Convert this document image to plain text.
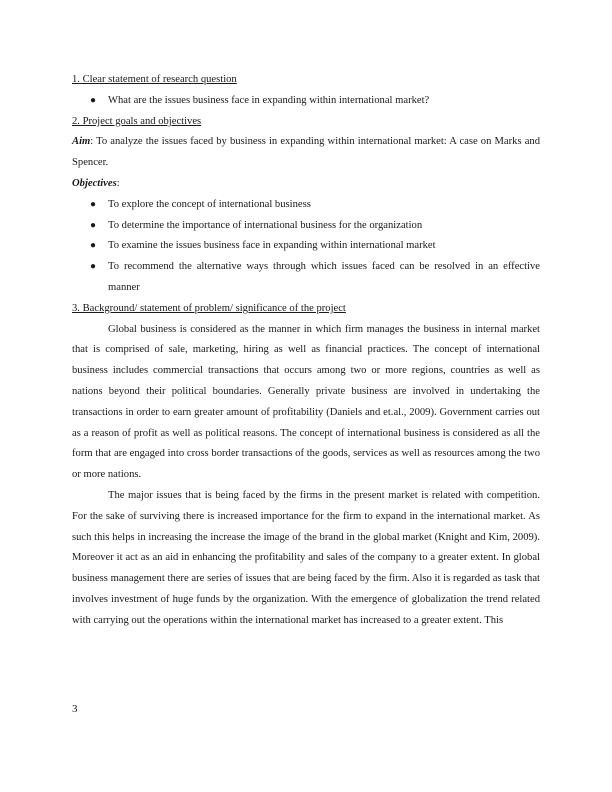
1. Clear statement of research question

● What are the issues business face in expanding within international market?

2. Project goals and objectives

Aim: To analyze the issues faced by business in expanding within international market: A case on Marks and Spencer.

Objectives:

● To explore the concept of international business
● To determine the importance of international business for the organization
● To examine the issues business face in expanding within international market
● To recommend the alternative ways through which issues faced can be resolved in an effective manner

3. Background/ statement of problem/ significance of the project

Global business is considered as the manner in which firm manages the business in internal market that is comprised of sale, marketing, hiring as well as financial practices. The concept of international business includes commercial transactions that occurs among two or more regions, countries as well as nations beyond their political boundaries. Generally private business are involved in undertaking the transactions in order to earn greater amount of profitability (Daniels and et.al., 2009). Government carries out as a reason of profit as well as political reasons. The concept of international business is considered as all the form that are engaged into cross border transactions of the goods, services as well as resources among the two or more nations.

The major issues that is being faced by the firms in the present market is related with competition. For the sake of surviving there is increased importance for the firm to expand in the international market. As such this helps in increasing the increase the image of the brand in the global market (Knight and Kim, 2009). Moreover it act as an aid in enhancing the profitability and sales of the company to a greater extent. In global business management there are series of issues that are being faced by the firm. Also it is regarded as task that involves investment of huge funds by the organization. With the emergence of globalization the trend related with carrying out the operations within the international market has increased to a greater extent. This

3
